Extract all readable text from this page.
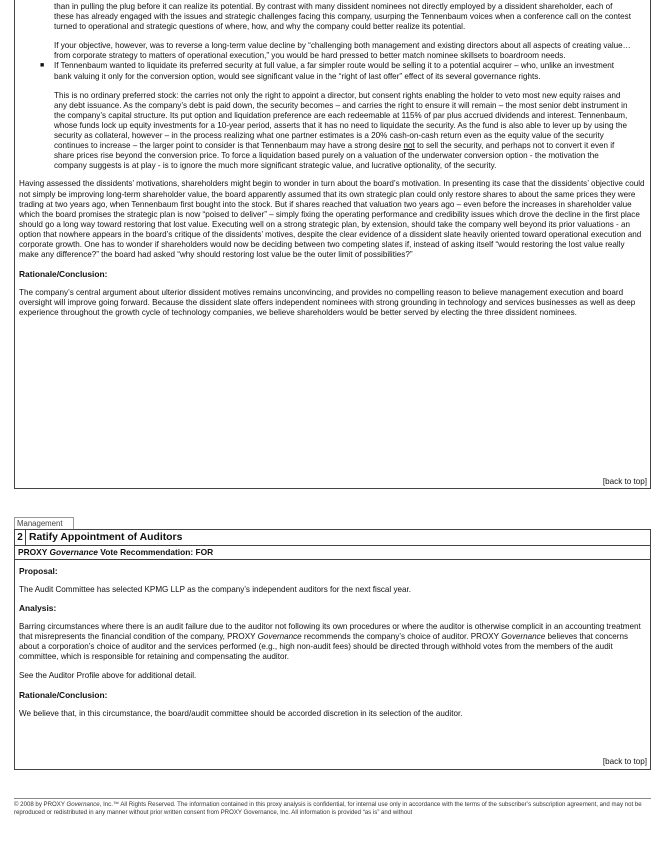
than in pulling the plug before it can realize its potential. By contrast with many dissident nominees not directly employed by a dissident shareholder, each of these has already engaged with the issues and strategic challenges facing this company, usurping the Tennenbaum voices when a conference call on the contest turned to operational and strategic questions of where, how, and why the company could better realize its potential.

If your objective, however, was to reverse a long-term value decline by “challenging both management and existing directors about all aspects of creating value… from corporate strategy to matters of operational execution,” you would be hard pressed to better match nominee skillsets to boardroom needs.

■	If Tennenbaum wanted to liquidate its preferred security at full value, a far simpler route would be selling it to a potential acquirer – who, unlike an investment bank valuing it only for the conversion option, would see significant value in the “right of last offer” effect of its several governance rights.

This is no ordinary preferred stock: the carries not only the right to appoint a director, but consent rights enabling the holder to veto most new equity raises and any debt issuance. As the company’s debt is paid down, the security becomes – and carries the right to ensure it will remain – the most senior debt instrument in the company’s capital structure. Its put option and liquidation preference are each redeemable at 115% of par plus accrued dividends and interest. Tennenbaum, whose funds lock up equity investments for a 10-year period, asserts that it has no need to liquidate the security. As the fund is also able to lever up by using the security as collateral, however – in the process realizing what one partner estimates is a 20% cash-on-cash return even as the equity value of the security continues to increase – the larger point to consider is that Tennenbaum may have a strong desire not to sell the security, and perhaps not to convert it even if share prices rise beyond the conversion price. To force a liquidation based purely on a valuation of the underwater conversion option - the motivation the company suggests is at play - is to ignore the much more significant strategic value, and lucrative optionality, of the security.

Having assessed the dissidents’ motivations, shareholders might begin to wonder in turn about the board’s motivation. In presenting its case that the dissidents’ objective could not simply be improving long-term shareholder value, the board apparently assumed that its own strategic plan could only restore shares to about the same prices they were trading at two years ago, when Tennenbaum first bought into the stock. But if shares reached that valuation two years ago – even before the increases in shareholder value which the board promises the strategic plan is now “poised to deliver” – simply fixing the operating performance and credibility issues which drove the decline in the first place should go a long way toward restoring that lost value. Executing well on a strong strategic plan, by extension, should take the company well beyond its prior valuations - an option that nowhere appears in the board’s critique of the dissidents’ motives, despite the clear evidence of a dissident slate heavily oriented toward operational execution and corporate growth. One has to wonder if shareholders would now be deciding between two competing slates if, instead of asking itself “would restoring the lost value really make any difference?” the board had asked “why should restoring lost value be the outer limit of possibilities?”

Rationale/Conclusion:

The company’s central argument about ulterior dissident motives remains unconvincing, and provides no compelling reason to believe management execution and board oversight will improve going forward. Because the dissident slate offers independent nominees with strong grounding in technology and services businesses as well as deep experience throughout the growth cycle of technology companies, we believe shareholders would be better served by electing the three dissident nominees.

[back to top]
Management
2 Ratify Appointment of Auditors
PROXY Governance Vote Recommendation: FOR

Proposal:

The Audit Committee has selected KPMG LLP as the company’s independent auditors for the next fiscal year.

Analysis:

Barring circumstances where there is an audit failure due to the auditor not following its own procedures or where the auditor is otherwise complicit in an accounting treatment that misrepresents the financial condition of the company, PROXY Governance recommends the company’s choice of auditor. PROXY Governance believes that concerns about a corporation’s choice of auditor and the services performed (e.g., high non-audit fees) should be directed through withhold votes from the members of the audit committee, which is responsible for retaining and compensating the auditor.

See the Auditor Profile above for additional detail.

Rationale/Conclusion:

We believe that, in this circumstance, the board/audit committee should be accorded discretion in its selection of the auditor.

[back to top]
© 2008 by PROXY Governance, Inc.™ All Rights Reserved. The information contained in this proxy analysis is confidential, for internal use only in accordance with the terms of the subscriber’s subscription agreement, and may not be reproduced or redistributed in any manner without prior written consent from PROXY Governance, Inc. All information is provided “as is” and without
